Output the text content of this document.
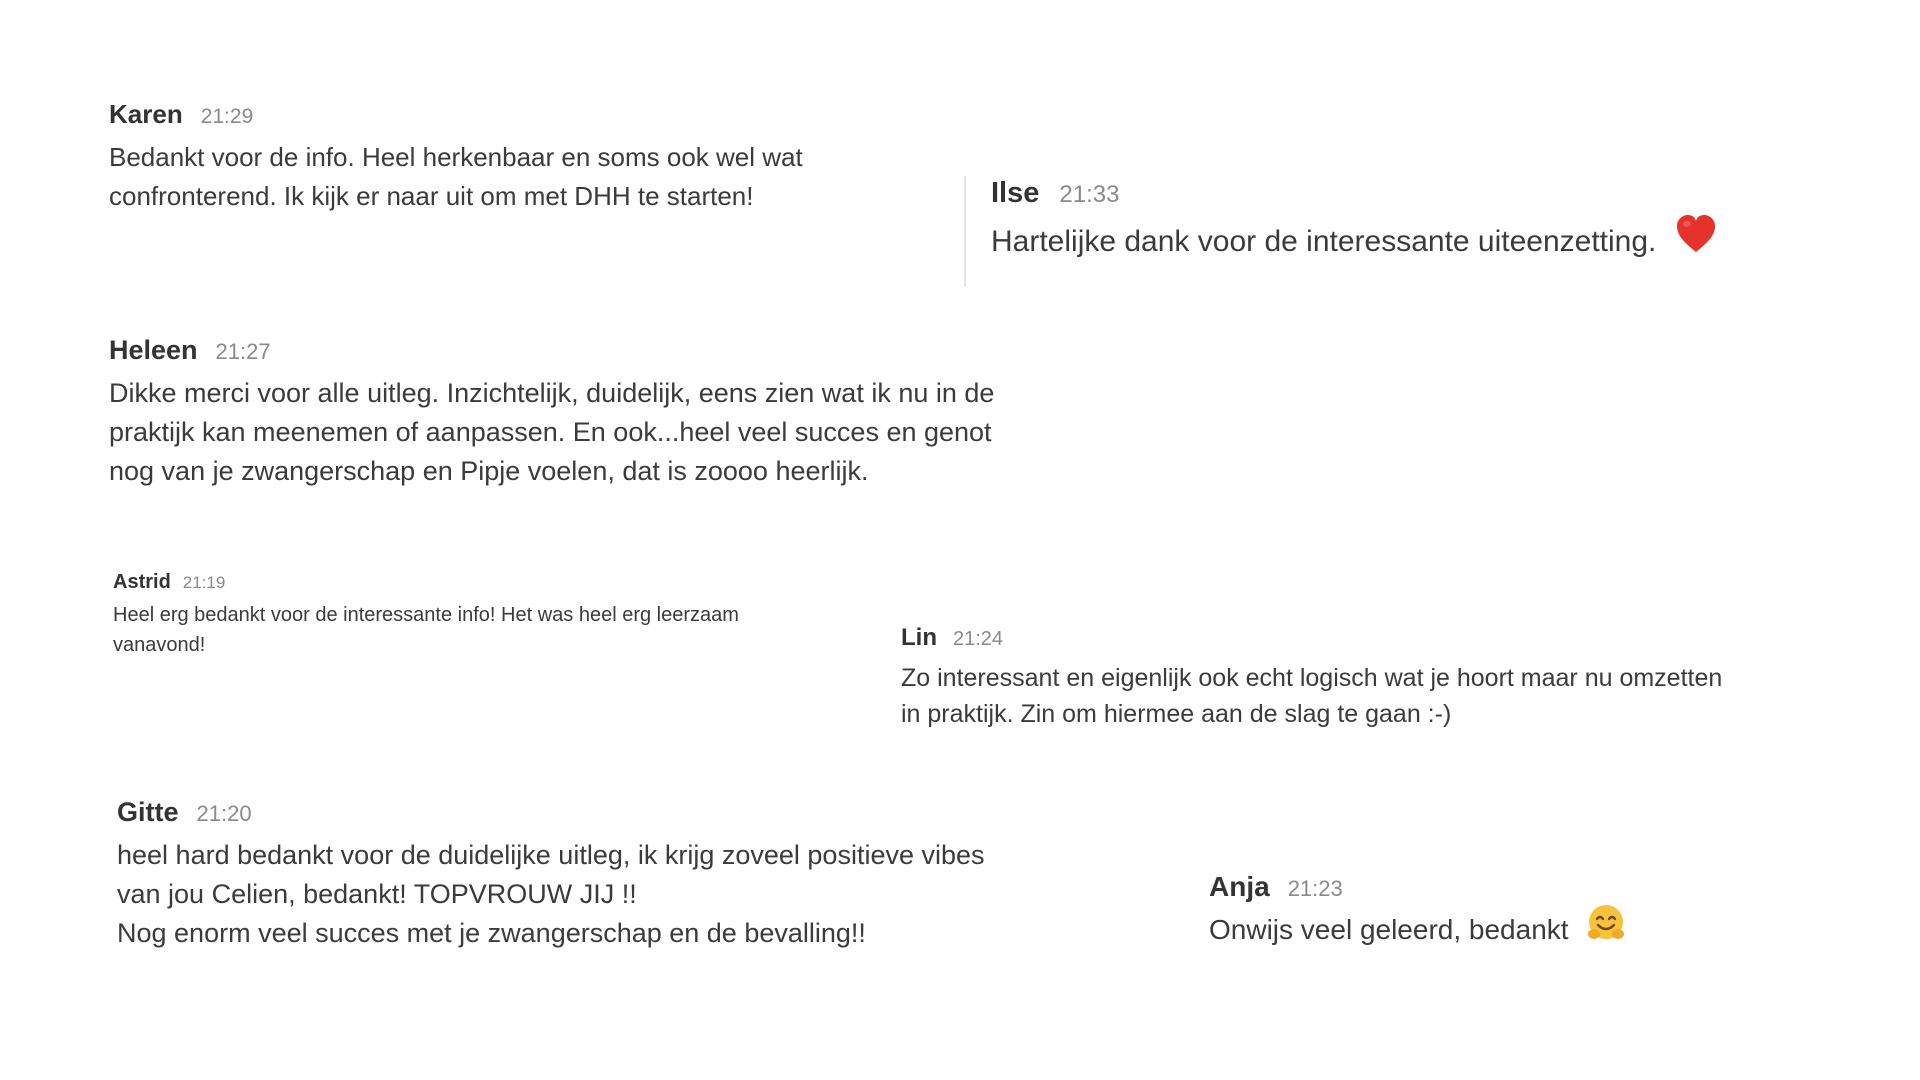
Karen 21:29
Bedankt voor de info. Heel herkenbaar en soms ook wel wat
confronterend. Ik kijk er naar uit om met DHH te starten!	Ilse 21:33
Hartelijke dank voor de interessante uiteenzetting.
Heleen 21:27
Dikke merci voor alle uitleg. Inzichtelijk, duidelijk, eens zien wat ik nu in de
praktijk kan meenemen of aanpassen. En ook...heel veel succes en genot
nog van je zwangerschap en Pipje voelen, dat is zoooo heerlijk.
Astrid 21:19
Heel erg bedankt voor de interessante info! Het was heel erg leerzaam
vanavond!	Lin 21:24
Zo interessant en eigenlijk ook echt logisch wat je hoort maar nu omzetten
in praktijk. Zin om hiermee aan de slag te gaan :-)
Gitte 21:20
heel hard bedankt voor de duidelijke uitleg, ik krijg zoveel positieve vibes
van jou Celien, bedankt! TOPVROUW JIJ !!
Nog enorm veel succes met je zwangerschap en de bevalling!!
Anja 21:23
Onwijs veel geleerd, bedankt
